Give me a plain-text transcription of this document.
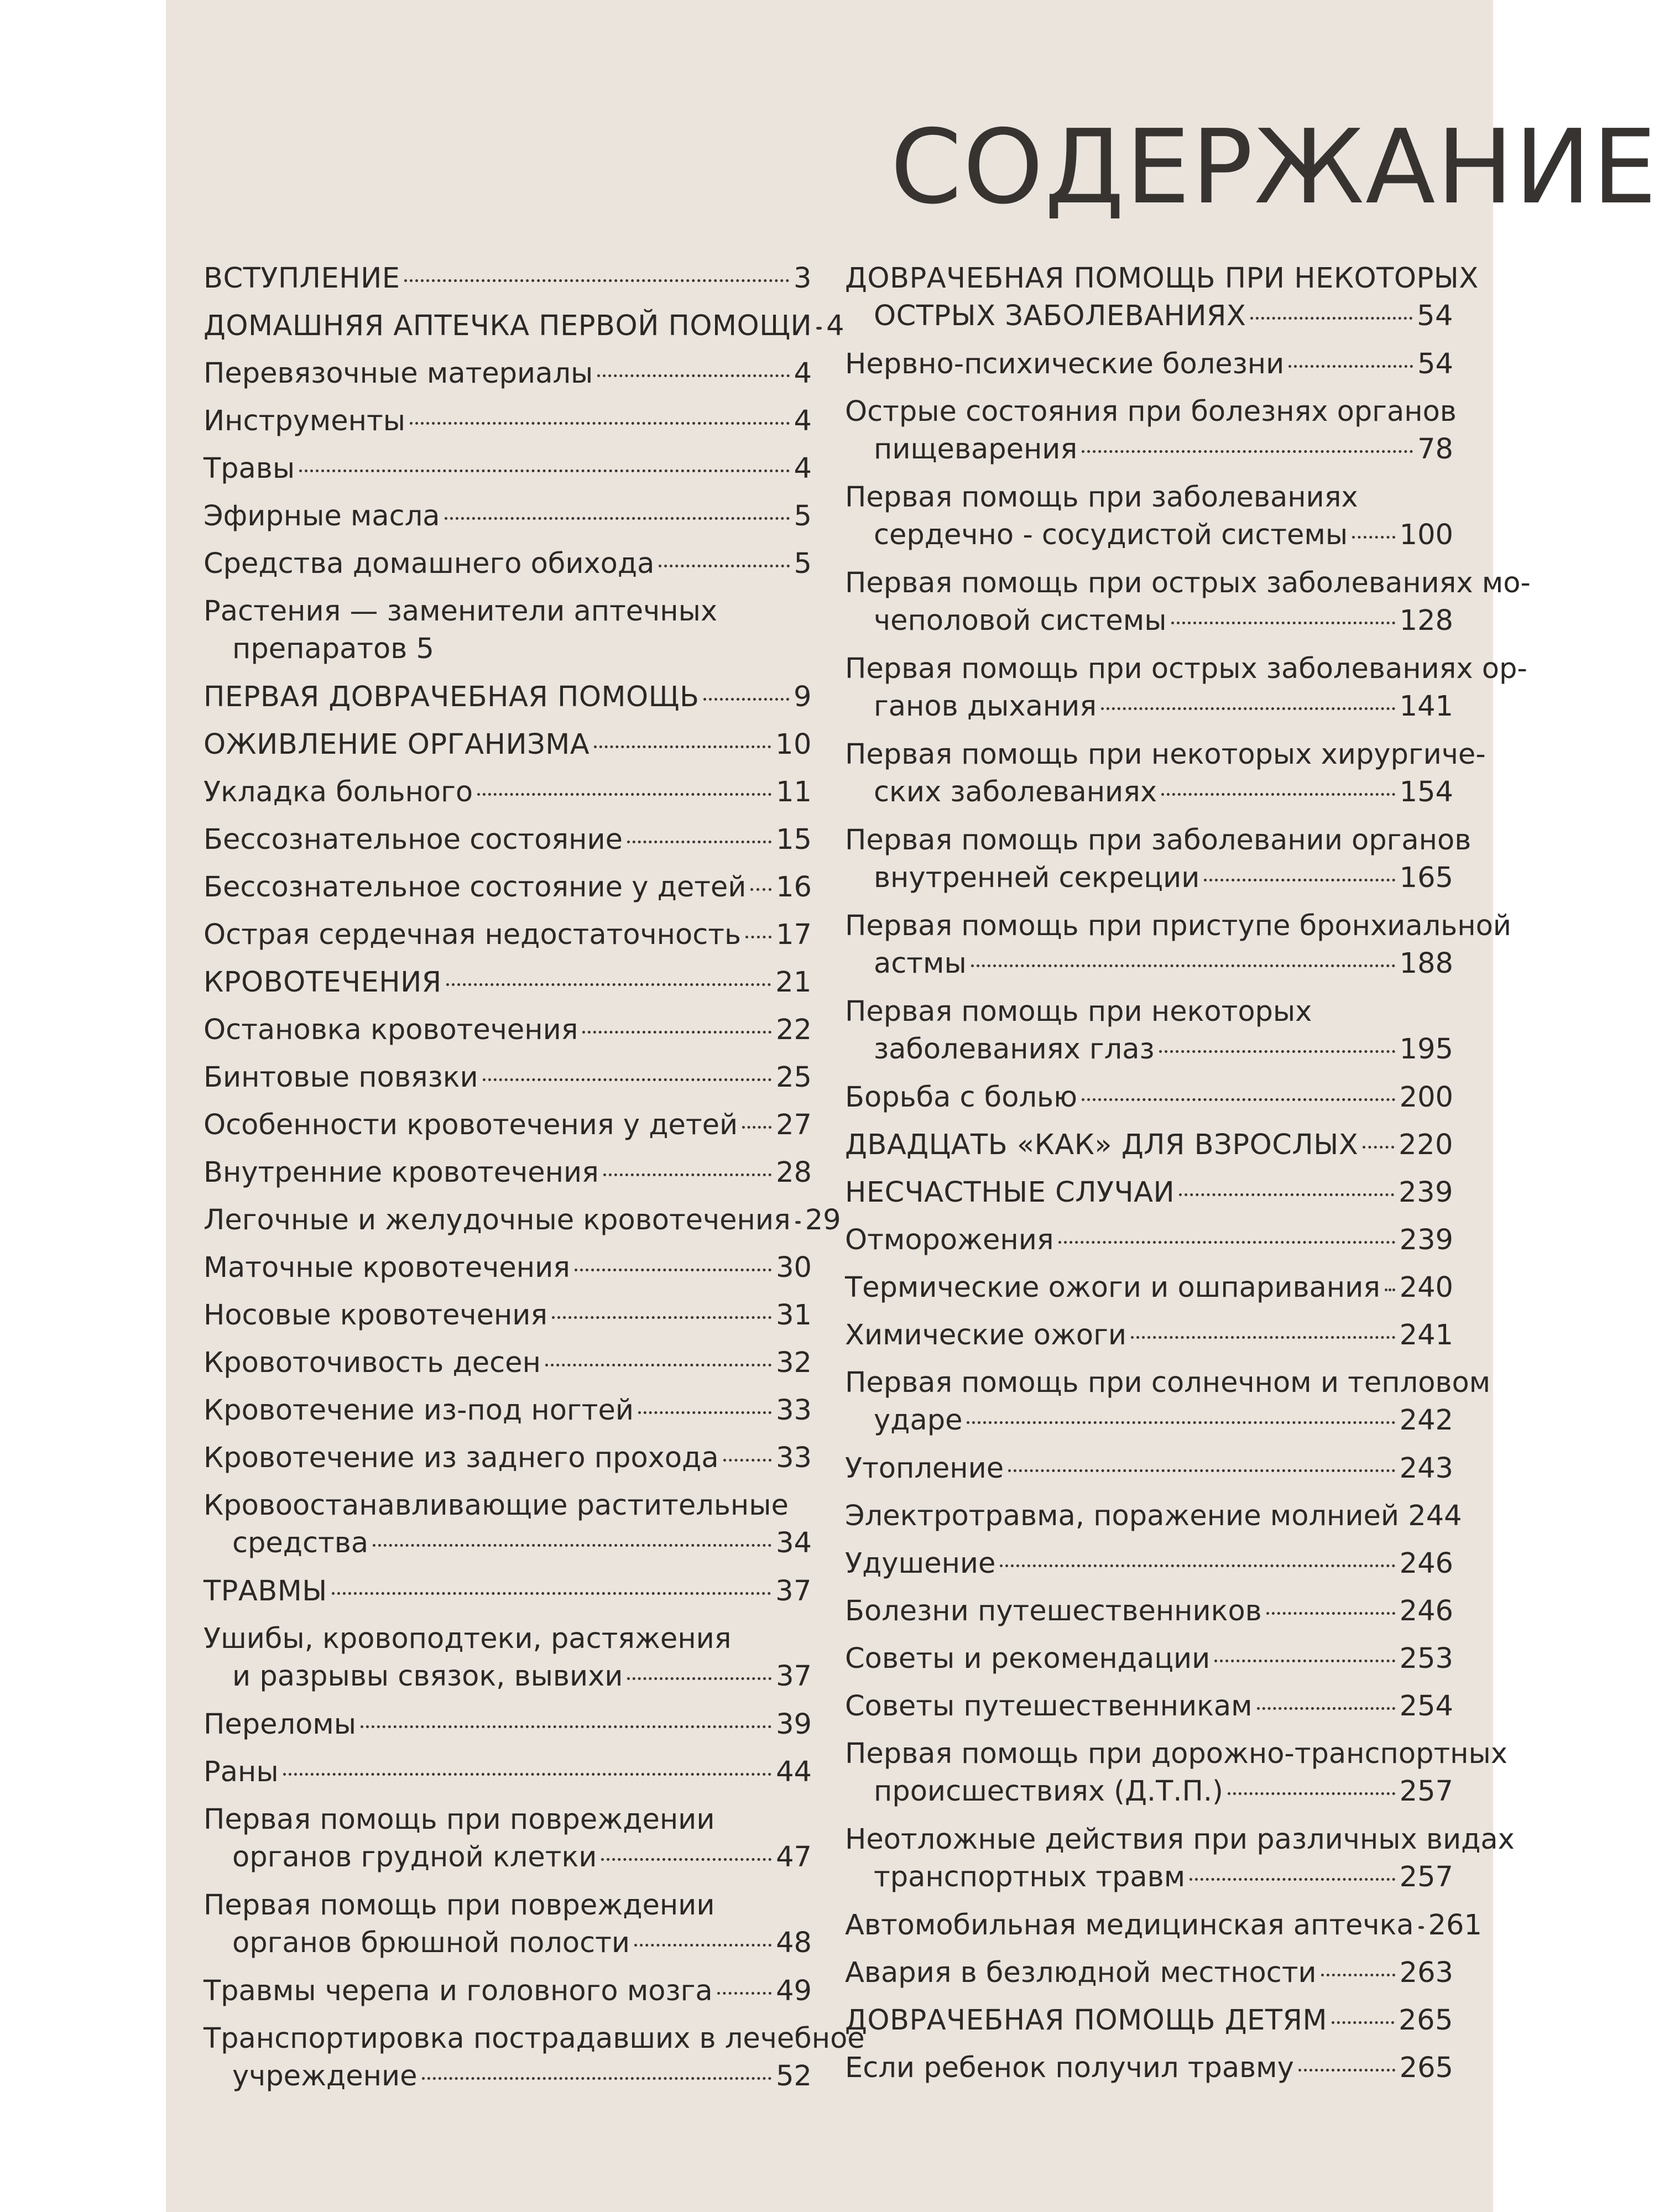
СОДЕРЖАНИЕ
ВСТУПЛЕНИЕ	3
ДОМАШНЯЯ АПТЕЧКА ПЕРВОЙ ПОМОЩИ 4
Перевязочные материалы	4
Инструменты	4
Травы	4
Эфирные масла	5
Средства домашнего обихода	5
Растения — заменители аптечных
препаратов 5
ПЕРВАЯ ДОВРАЧЕБНАЯ ПОМОЩЬ	9
ОЖИВЛЕНИЕ ОРГАНИЗМА	10
Укладка больного	11
Бессознательное состояние	15
Бессознательное состояние у детей 16
Острая сердечная недостаточность 17
КРОВОТЕЧЕНИЯ	21
Остановка кровотечения	22
Бинтовые повязки	25
Особенности кровотечения у детей 27
Внутренние кровотечения	28
Легочные и желудочные кровотечения 29
Маточные кровотечения	30
Носовые кровотечения	31
Кровоточивость десен	32
Кровотечение из-под ногтей	33
Кровотечение из заднего прохода 33
Кровоостанавливающие растительные
средства	34
ТРАВМЫ	37
Ушибы, кровоподтеки, растяжения
и разрывы связок, вывихи	37
Переломы	39
Раны	44
Первая помощь при повреждении
органов грудной клетки	47
Первая помощь при повреждении
органов брюшной полости	48
Травмы черепа и головного мозга 49
Транспортировка пострадавших в лечебное
учреждение	52
ДОВРАЧЕБНАЯ ПОМОЩЬ ПРИ НЕКОТОРЫХ
ОСТРЫХ ЗАБОЛЕВАНИЯХ	54
Нервно-психические болезни	54
Острые состояния при болезнях органов
пищеварения	78
Первая помощь при заболеваниях
сердечно - сосудистой системы 100
Первая помощь при острых заболеваниях мо-
чеполовой системы	128
Первая помощь при острых заболеваниях ор-
ганов дыхания	141
Первая помощь при некоторых хирургиче-
ских заболеваниях	154
Первая помощь при заболевании органов
внутренней секреции	165
Первая помощь при приступе бронхиальной
астмы	188
Первая помощь при некоторых
заболеваниях глаз	195
Борьба с болью	200
ДВАДЦАТЬ «КАК» ДЛЯ ВЗРОСЛЫХ 220
НЕСЧАСТНЫЕ СЛУЧАИ	239
Отморожения	239
Термические ожоги и ошпаривания 240
Химические ожоги	241
Первая помощь при солнечном и тепловом
ударе	242
Утопление	243
Электротравма, поражение молнией 244
Удушение	246
Болезни путешественников	246
Советы и рекомендации	253
Советы путешественникам	254
Первая помощь при дорожно-транспортных
происшествиях (Д.Т.П.)	257
Неотложные действия при различных видах
транспортных травм	257
Автомобильная медицинская аптечка 261
Авария в безлюдной местности	263
ДОВРАЧЕБНАЯ ПОМОЩЬ ДЕТЯМ	265
Если ребенок получил травму	265
